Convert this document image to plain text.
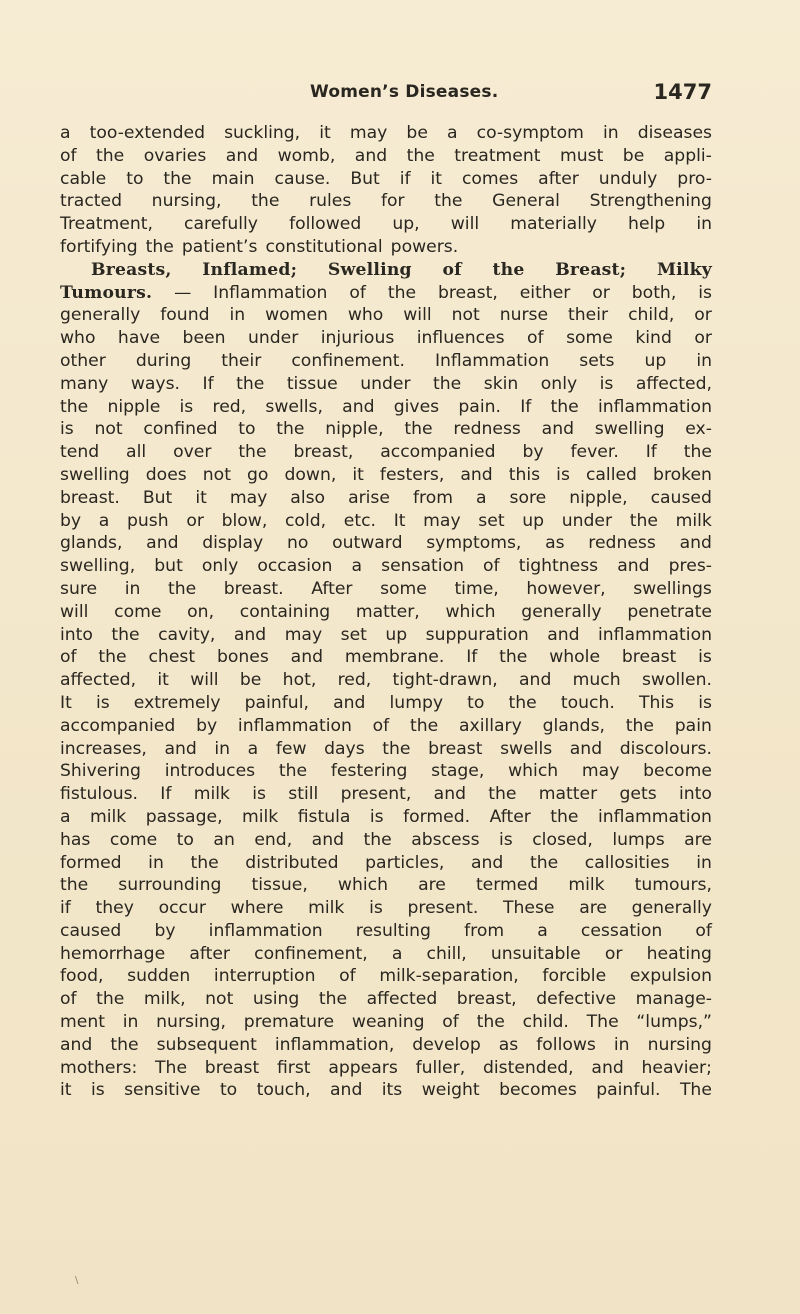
Women’s Diseases.	1477
a too-extended suckling, it may be a co-symptom in diseases
of the ovaries and womb, and the treatment must be appli-
cable to the main cause. But if it comes after unduly pro-
tracted nursing, the rules for the General Strengthening
Treatment, carefully followed up, will materially help in
fortifying the patient’s constitutional powers.
Breasts, Inflamed; Swelling of the Breast; Milky
Tumours. — Inflammation of the breast, either or both, is
generally found in women who will not nurse their child, or
who have been under injurious influences of some kind or
other during their confinement. Inflammation sets up in
many ways. If the tissue under the skin only is affected,
the nipple is red, swells, and gives pain. If the inflammation
is not confined to the nipple, the redness and swelling ex-
tend all over the breast, accompanied by fever. If the
swelling does not go down, it festers, and this is called broken
breast. But it may also arise from a sore nipple, caused
by a push or blow, cold, etc. It may set up under the milk
glands, and display no outward symptoms, as redness and
swelling, but only occasion a sensation of tightness and pres-
sure in the breast. After some time, however, swellings
will come on, containing matter, which generally penetrate
into the cavity, and may set up suppuration and inflammation
of the chest bones and membrane. If the whole breast is
affected, it will be hot, red, tight-drawn, and much swollen.
It is extremely painful, and lumpy to the touch. This is
accompanied by inflammation of the axillary glands, the pain
increases, and in a few days the breast swells and discolours.
Shivering introduces the festering stage, which may become
fistulous. If milk is still present, and the matter gets into
a milk passage, milk fistula is formed. After the inflammation
has come to an end, and the abscess is closed, lumps are
formed in the distributed particles, and the callosities in
the surrounding tissue, which are termed milk tumours,
if they occur where milk is present. These are generally
caused by inflammation resulting from a cessation of
hemorrhage after confinement, a chill, unsuitable or heating
food, sudden interruption of milk-separation, forcible expulsion
of the milk, not using the affected breast, defective manage-
ment in nursing, premature weaning of the child. The “lumps,”
and the subsequent inflammation, develop as follows in nursing
mothers: The breast first appears fuller, distended, and heavier;
it is sensitive to touch, and its weight becomes painful. The
\
